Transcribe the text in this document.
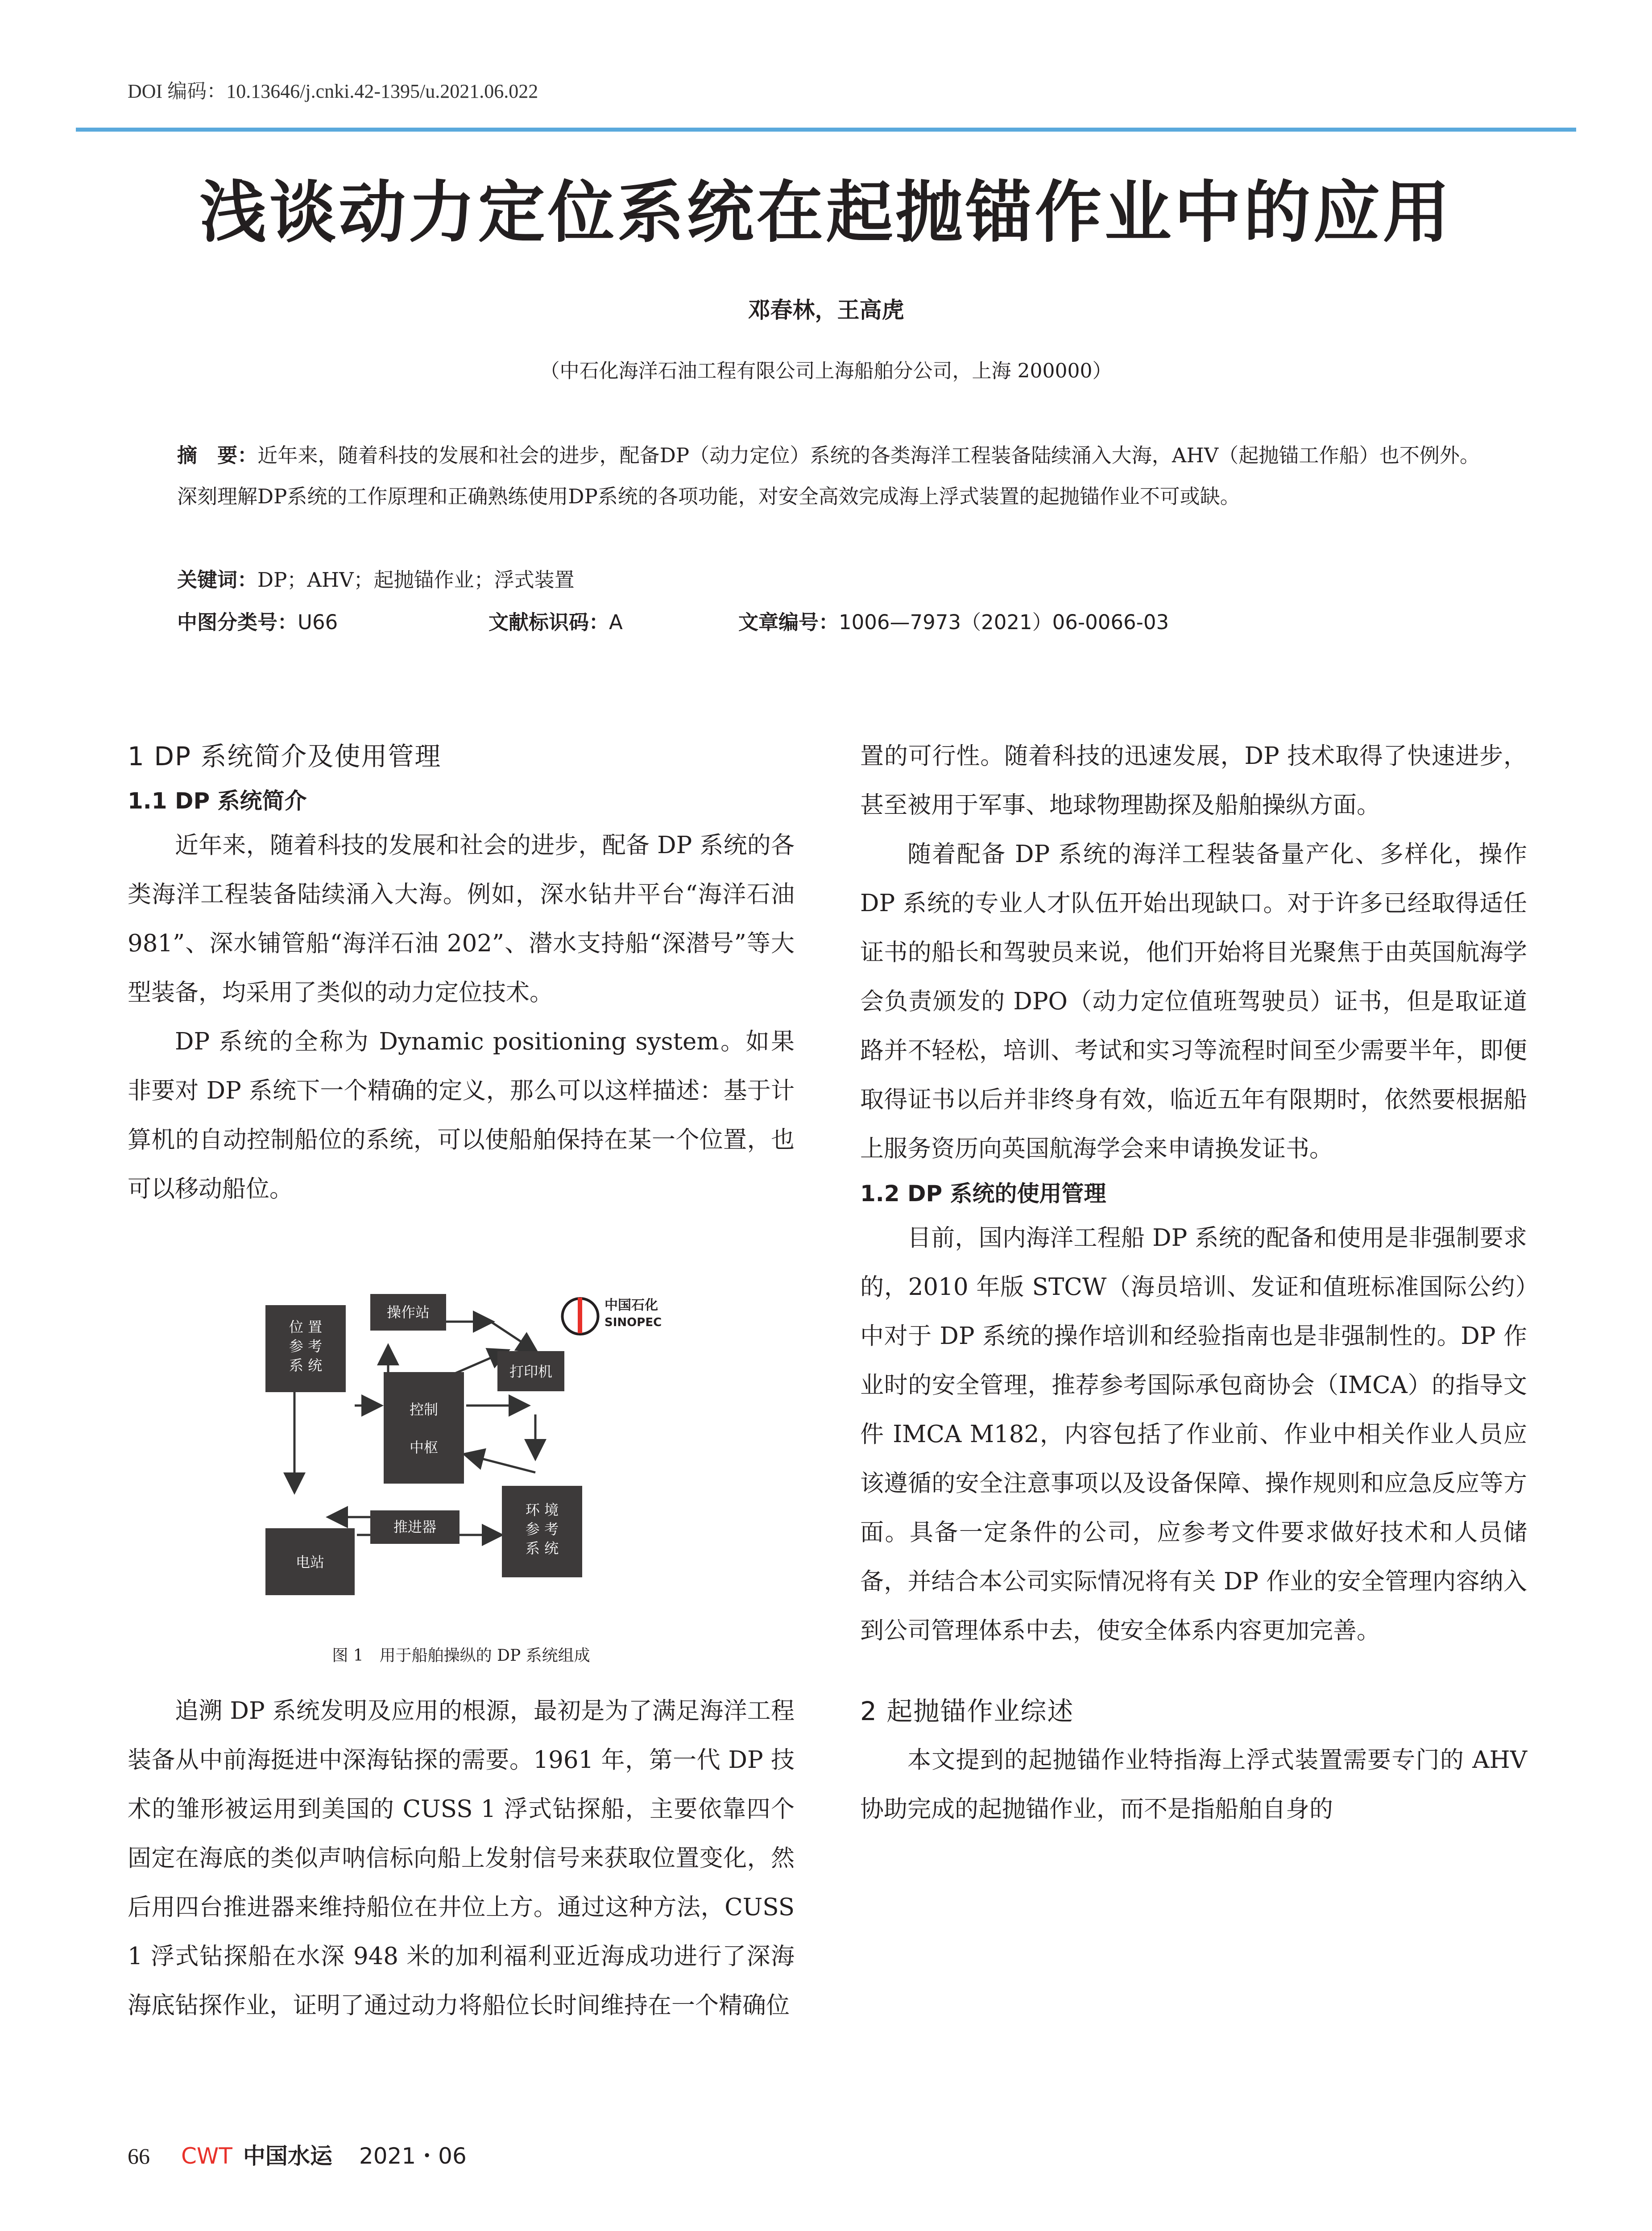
DOI 编码：10.13646/j.cnki.42-1395/u.2021.06.022
浅谈动力定位系统在起抛锚作业中的应用
邓春林，王高虎
（中石化海洋石油工程有限公司上海船舶分公司，上海 200000）
摘　要：近年来，随着科技的发展和社会的进步，配备DP（动力定位）系统的各类海洋工程装备陆续涌入大海，AHV（起抛锚工作船）也不例外。深刻理解DP系统的工作原理和正确熟练使用DP系统的各项功能，对安全高效完成海上浮式装置的起抛锚作业不可或缺。
关键词：DP；AHV；起抛锚作业；浮式装置
中图分类号：U66	文献标识码：A	文章编号：1006—7973（2021）06-0066-03
1 DP 系统简介及使用管理
1.1 DP 系统简介

近年来，随着科技的发展和社会的进步，配备 DP 系统的各类海洋工程装备陆续涌入大海。例如，深水钻井平台“海洋石油 981”、深水铺管船“海洋石油 202”、潜水支持船“深潜号”等大型装备，均采用了类似的动力定位技术。

DP 系统的全称为 Dynamic positioning system。如果非要对 DP 系统下一个精确的定义，那么可以这样描述：基于计算机的自动控制船位的系统，可以使船舶保持在某一个位置，也可以移动船位。

位 置
参 考
系 统
操作站
打印机
控制
中枢
电站
推进器
环 境
参 考
系 统
中国石化
SINOPEC
图 1　用于船舶操纵的 DP 系统组成

追溯 DP 系统发明及应用的根源，最初是为了满足海洋工程装备从中前海挺进中深海钻探的需要。1961 年，第一代 DP 技术的雏形被运用到美国的 CUSS 1 浮式钻探船，主要依靠四个固定在海底的类似声呐信标向船上发射信号来获取位置变化，然后用四台推进器来维持船位在井位上方。通过这种方法，CUSS 1 浮式钻探船在水深 948 米的加利福利亚近海成功进行了深海海底钻探作业，证明了通过动力将船位长时间维持在一个精确位

置的可行性。随着科技的迅速发展，DP 技术取得了快速进步，甚至被用于军事、地球物理勘探及船舶操纵方面。

随着配备 DP 系统的海洋工程装备量产化、多样化，操作 DP 系统的专业人才队伍开始出现缺口。对于许多已经取得适任证书的船长和驾驶员来说，他们开始将目光聚焦于由英国航海学会负责颁发的 DPO（动力定位值班驾驶员）证书，但是取证道路并不轻松，培训、考试和实习等流程时间至少需要半年，即便取得证书以后并非终身有效，临近五年有限期时，依然要根据船上服务资历向英国航海学会来申请换发证书。

1.2 DP 系统的使用管理

目前，国内海洋工程船 DP 系统的配备和使用是非强制要求的，2010 年版 STCW（海员培训、发证和值班标准国际公约）中对于 DP 系统的操作培训和经验指南也是非强制性的。DP 作业时的安全管理，推荐参考国际承包商协会（IMCA）的指导文件 IMCA M182，内容包括了作业前、作业中相关作业人员应该遵循的安全注意事项以及设备保障、操作规则和应急反应等方面。具备一定条件的公司，应参考文件要求做好技术和人员储备，并结合本公司实际情况将有关 DP 作业的安全管理内容纳入到公司管理体系中去，使安全体系内容更加完善。

2 起抛锚作业综述

本文提到的起抛锚作业特指海上浮式装置需要专门的 AHV 协助完成的起抛锚作业，而不是指船舶自身的

66 CWT 中国水运 2021・06
